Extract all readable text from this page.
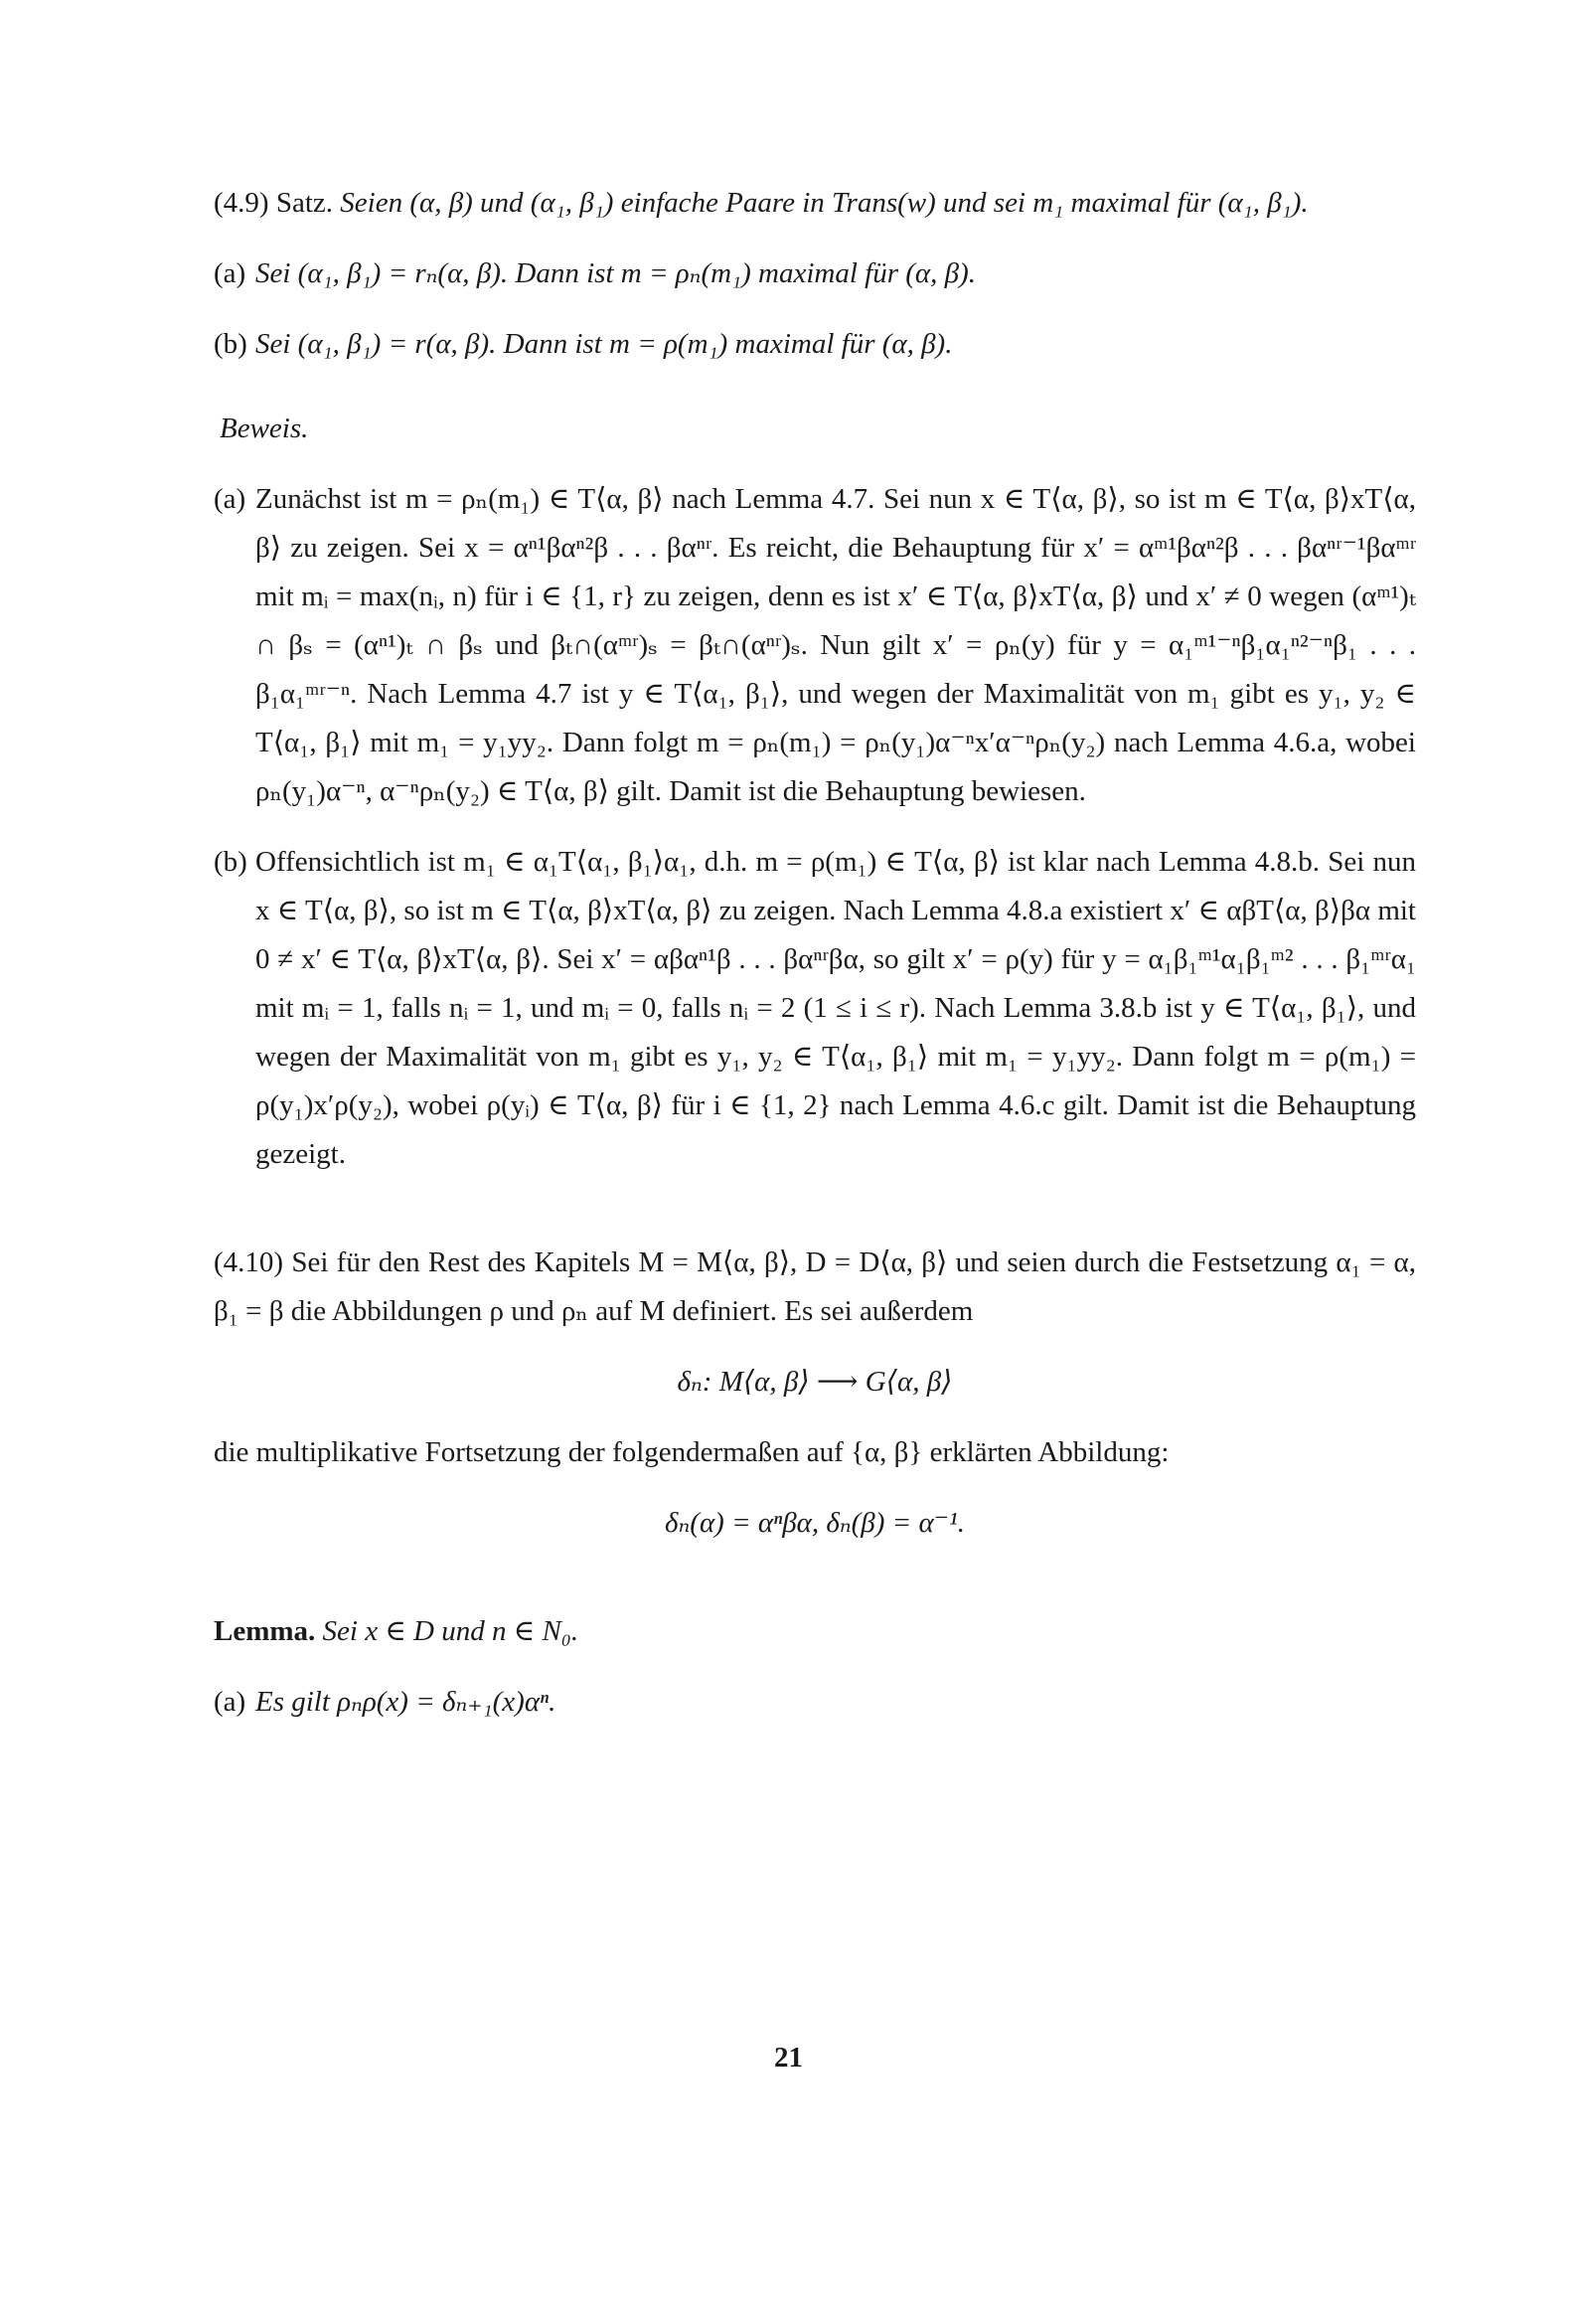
(4.9) Satz. Seien (α, β) und (α₁, β₁) einfache Paare in Trans(w) und sei m₁ maximal für (α₁, β₁).

(a) Sei (α₁, β₁) = rₙ(α, β). Dann ist m = ρₙ(m₁) maximal für (α, β).
(b) Sei (α₁, β₁) = r(α, β). Dann ist m = ρ(m₁) maximal für (α, β).

Beweis.

(a) Zunächst ist m = ρₙ(m₁) ∈ T⟨α, β⟩ nach Lemma 4.7. Sei nun x ∈ T⟨α, β⟩, so ist m ∈ T⟨α, β⟩xT⟨α, β⟩ zu zeigen. Sei x = αⁿ¹βαⁿ²β . . . βαⁿʳ. Es reicht, die Behauptung für x′ = αᵐ¹βαⁿ²β . . . βαⁿʳ⁻¹βαᵐʳ mit mᵢ = max(nᵢ, n) für i ∈ {1, r} zu zeigen, denn es ist x′ ∈ T⟨α, β⟩xT⟨α, β⟩ und x′ ≠ 0 wegen (αᵐ¹)ₜ ∩ βₛ = (αⁿ¹)ₜ ∩ βₛ und βₜ∩(αᵐʳ)ₛ = βₜ∩(αⁿʳ)ₛ. Nun gilt x′ = ρₙ(y) für y = α₁ᵐ¹⁻ⁿβ₁α₁ⁿ²⁻ⁿβ₁ . . . β₁α₁ᵐʳ⁻ⁿ. Nach Lemma 4.7 ist y ∈ T⟨α₁, β₁⟩, und wegen der Maximalität von m₁ gibt es y₁, y₂ ∈ T⟨α₁, β₁⟩ mit m₁ = y₁yy₂. Dann folgt m = ρₙ(m₁) = ρₙ(y₁)α⁻ⁿx′α⁻ⁿρₙ(y₂) nach Lemma 4.6.a, wobei ρₙ(y₁)α⁻ⁿ, α⁻ⁿρₙ(y₂) ∈ T⟨α, β⟩ gilt. Damit ist die Behauptung bewiesen.
(b) Offensichtlich ist m₁ ∈ α₁T⟨α₁, β₁⟩α₁, d.h. m = ρ(m₁) ∈ T⟨α, β⟩ ist klar nach Lemma 4.8.b. Sei nun x ∈ T⟨α, β⟩, so ist m ∈ T⟨α, β⟩xT⟨α, β⟩ zu zeigen. Nach Lemma 4.8.a existiert x′ ∈ αβT⟨α, β⟩βα mit 0 ≠ x′ ∈ T⟨α, β⟩xT⟨α, β⟩. Sei x′ = αβαⁿ¹β . . . βαⁿʳβα, so gilt x′ = ρ(y) für y = α₁β₁ᵐ¹α₁β₁ᵐ² . . . β₁ᵐʳα₁ mit mᵢ = 1, falls nᵢ = 1, und mᵢ = 0, falls nᵢ = 2 (1 ≤ i ≤ r). Nach Lemma 3.8.b ist y ∈ T⟨α₁, β₁⟩, und wegen der Maximalität von m₁ gibt es y₁, y₂ ∈ T⟨α₁, β₁⟩ mit m₁ = y₁yy₂. Dann folgt m = ρ(m₁) = ρ(y₁)x′ρ(y₂), wobei ρ(yᵢ) ∈ T⟨α, β⟩ für i ∈ {1, 2} nach Lemma 4.6.c gilt. Damit ist die Behauptung gezeigt.

(4.10) Sei für den Rest des Kapitels M = M⟨α, β⟩, D = D⟨α, β⟩ und seien durch die Festsetzung α₁ = α, β₁ = β die Abbildungen ρ und ρₙ auf M definiert. Es sei außerdem

δₙ: M⟨α, β⟩ ⟶ G⟨α, β⟩

die multiplikative Fortsetzung der folgendermaßen auf {α, β} erklärten Abbildung:

δₙ(α) = αⁿβα, δₙ(β) = α⁻¹.

Lemma. Sei x ∈ D und n ∈ N₀.

(a) Es gilt ρₙρ(x) = δₙ₊₁(x)αⁿ.
21
